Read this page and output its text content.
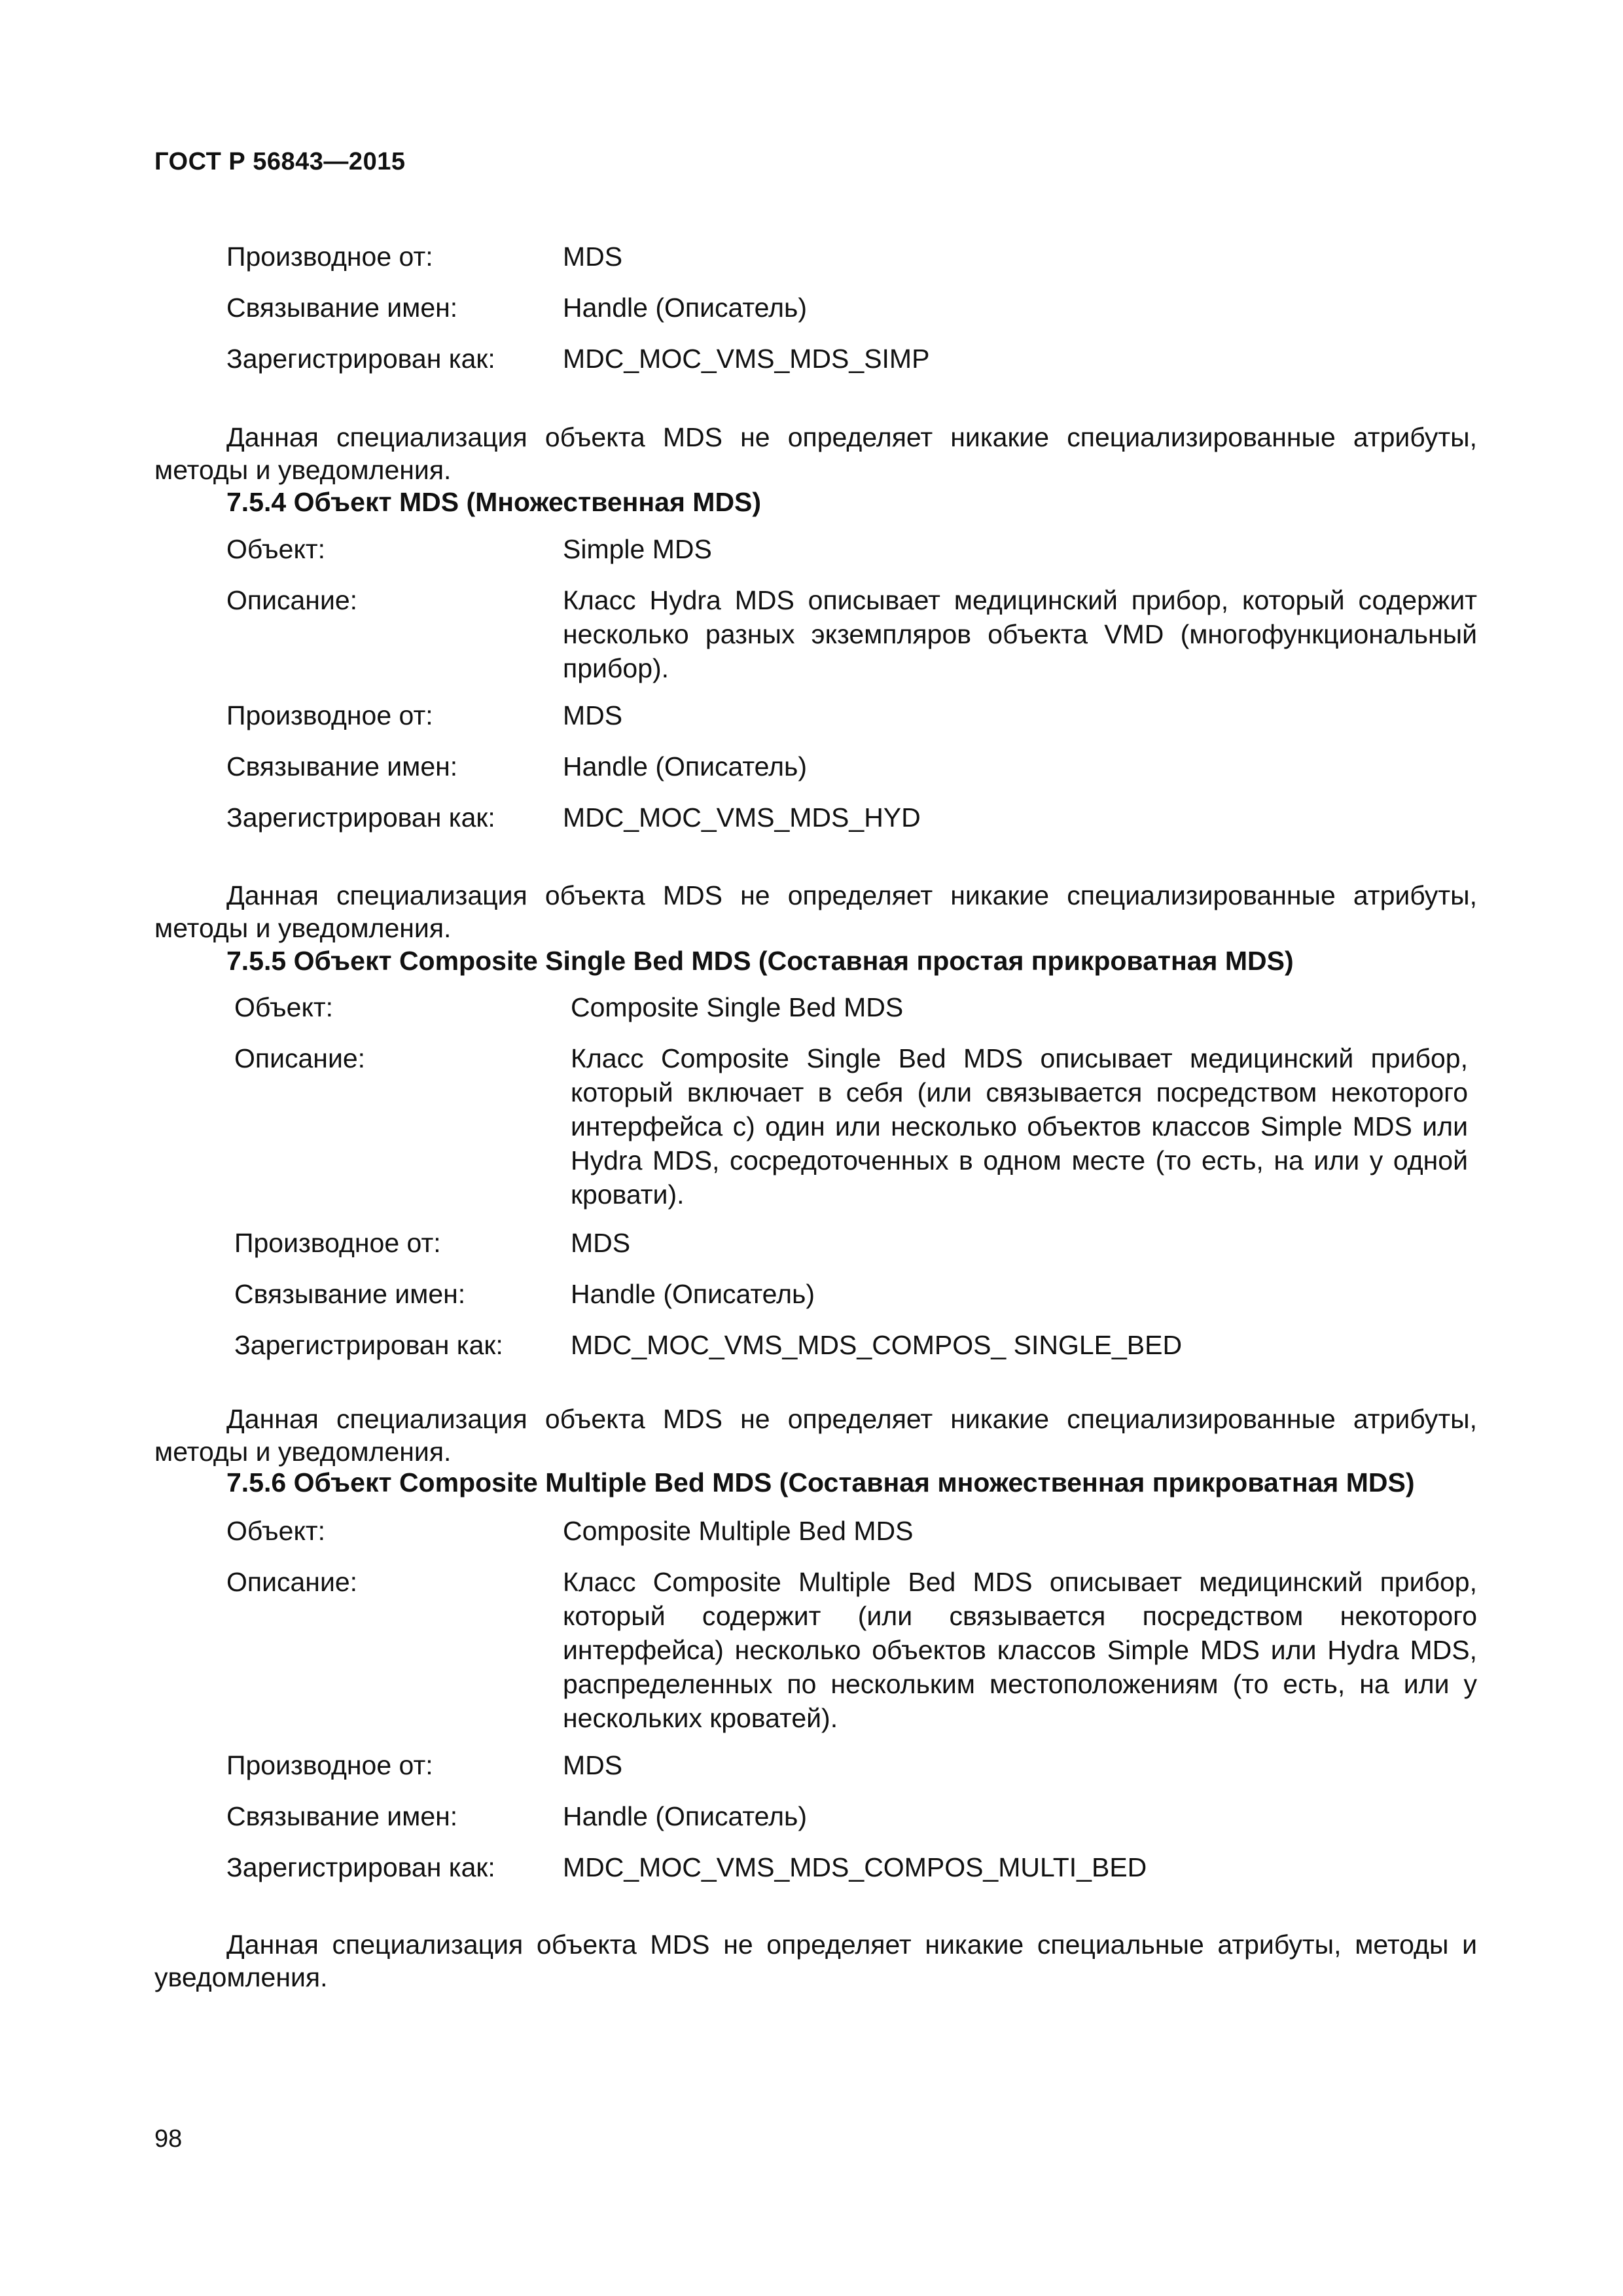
ГОСТ Р 56843—2015
Производное от:	MDS
Связывание имен:	Handle (Описатель)
Зарегистрирован как:	MDC_MOC_VMS_MDS_SIMP
Данная специализация объекта MDS не определяет никакие специализированные атрибуты, методы и уведомления.
7.5.4 Объект MDS (Множественная MDS)
Объект:	Simple MDS
Описание:	Класс Hydra MDS описывает медицинский прибор, который содержит несколько разных экземпляров объекта VMD (многофункциональный прибор).
Производное от:	MDS
Связывание имен:	Handle (Описатель)
Зарегистрирован как:	MDC_MOC_VMS_MDS_HYD
Данная специализация объекта MDS не определяет никакие специализированные атрибуты, методы и уведомления.
7.5.5 Объект Composite Single Bed MDS (Составная простая прикроватная MDS)
Объект:	Composite Single Bed MDS
Описание:	Класс Composite Single Bed MDS описывает медицинский прибор, который включает в себя (или связывается посредством некоторого интерфейса с) один или несколько объектов классов Simple MDS или Hydra MDS, сосредоточенных в одном месте (то есть, на или у одной кровати).
Производное от:	MDS
Связывание имен:	Handle (Описатель)
Зарегистрирован как:	MDC_MOC_VMS_MDS_COMPOS_ SINGLE_BED
Данная специализация объекта MDS не определяет никакие специализированные атрибуты, методы и уведомления.
7.5.6 Объект Composite Multiple Bed MDS (Составная множественная прикроватная MDS)
Объект:	Composite Multiple Bed MDS
Описание:	Класс Composite Multiple Bed MDS описывает медицинский прибор, который содержит (или связывается посредством некоторого интерфейса) несколько объектов классов Simple MDS или Hydra MDS, распределенных по нескольким местоположениям (то есть, на или у нескольких кроватей).
Производное от:	MDS
Связывание имен:	Handle (Описатель)
Зарегистрирован как:	MDC_MOC_VMS_MDS_COMPOS_MULTI_BED
Данная специализация объекта MDS не определяет никакие специальные атрибуты, методы и уведомления.
98
